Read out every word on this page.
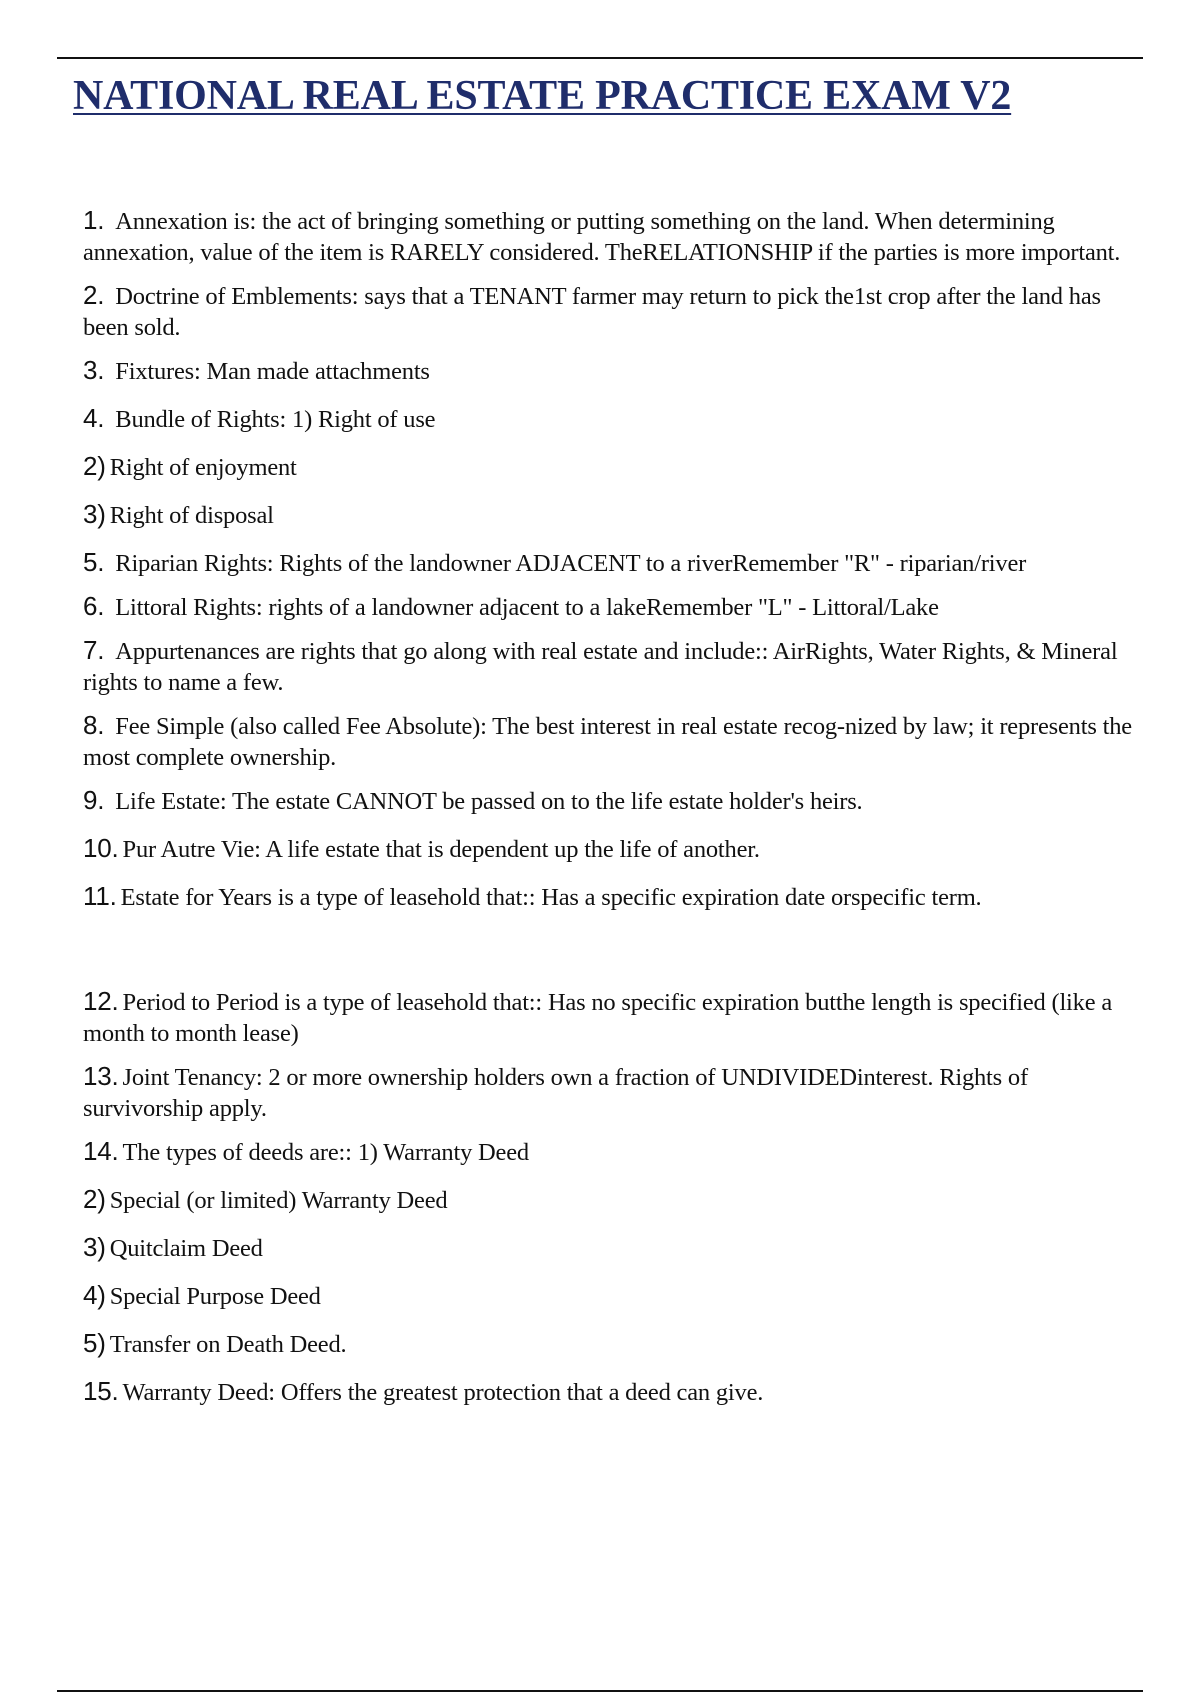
NATIONAL REAL ESTATE PRACTICE EXAM V2

1. Annexation is: the act of bringing something or putting something on the land. When determining annexation, value of the item is RARELY considered. TheRELATIONSHIP if the parties is more important.

2. Doctrine of Emblements: says that a TENANT farmer may return to pick the1st crop after the land has been sold.

3. Fixtures: Man made attachments

4. Bundle of Rights: 1) Right of use

2) Right of enjoyment

3) Right of disposal

5. Riparian Rights: Rights of the landowner ADJACENT to a riverRemember "R" - riparian/river

6. Littoral Rights: rights of a landowner adjacent to a lakeRemember "L" - Littoral/Lake

7. Appurtenances are rights that go along with real estate and include:: AirRights, Water Rights, & Mineral rights to name a few.

8. Fee Simple (also called Fee Absolute): The best interest in real estate recog-nized by law; it represents the most complete ownership.

9. Life Estate: The estate CANNOT be passed on to the life estate holder's heirs.

10. Pur Autre Vie: A life estate that is dependent up the life of another.

11. Estate for Years is a type of leasehold that:: Has a specific expiration date orspecific term.

12. Period to Period is a type of leasehold that:: Has no specific expiration butthe length is specified (like a month to month lease)

13. Joint Tenancy: 2 or more ownership holders own a fraction of UNDIVIDEDinterest. Rights of survivorship apply.

14. The types of deeds are:: 1) Warranty Deed

2) Special (or limited) Warranty Deed

3) Quitclaim Deed

4) Special Purpose Deed

5) Transfer on Death Deed.

15. Warranty Deed: Offers the greatest protection that a deed can give.
